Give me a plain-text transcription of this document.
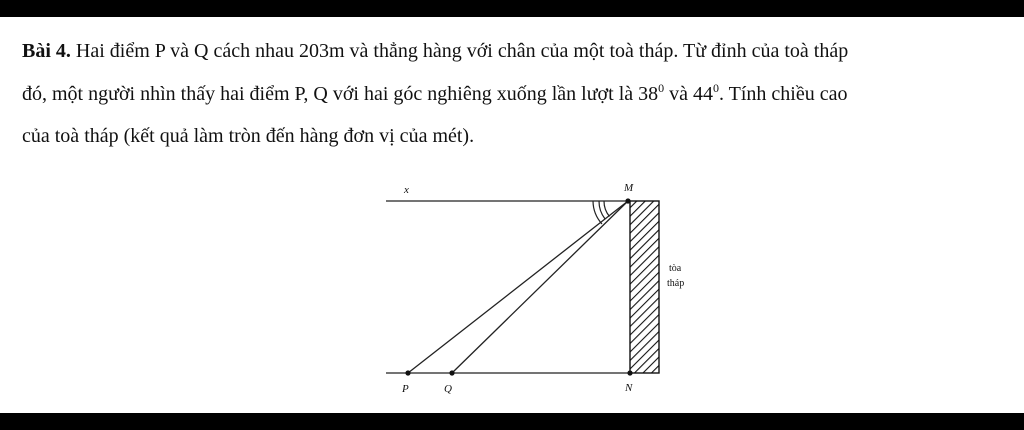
Bài 4. Hai điểm P và Q cách nhau 203m và thẳng hàng với chân của một toà tháp. Từ đỉnh của toà tháp
đó, một người nhìn thấy hai điểm P, Q với hai góc nghiêng xuống lần lượt là $38^0$ và $44^0$. Tính chiều cao
của toà tháp (kết quả làm tròn đến hàng đơn vị của mét).
x	M
N
P	Q
tòa
tháp
